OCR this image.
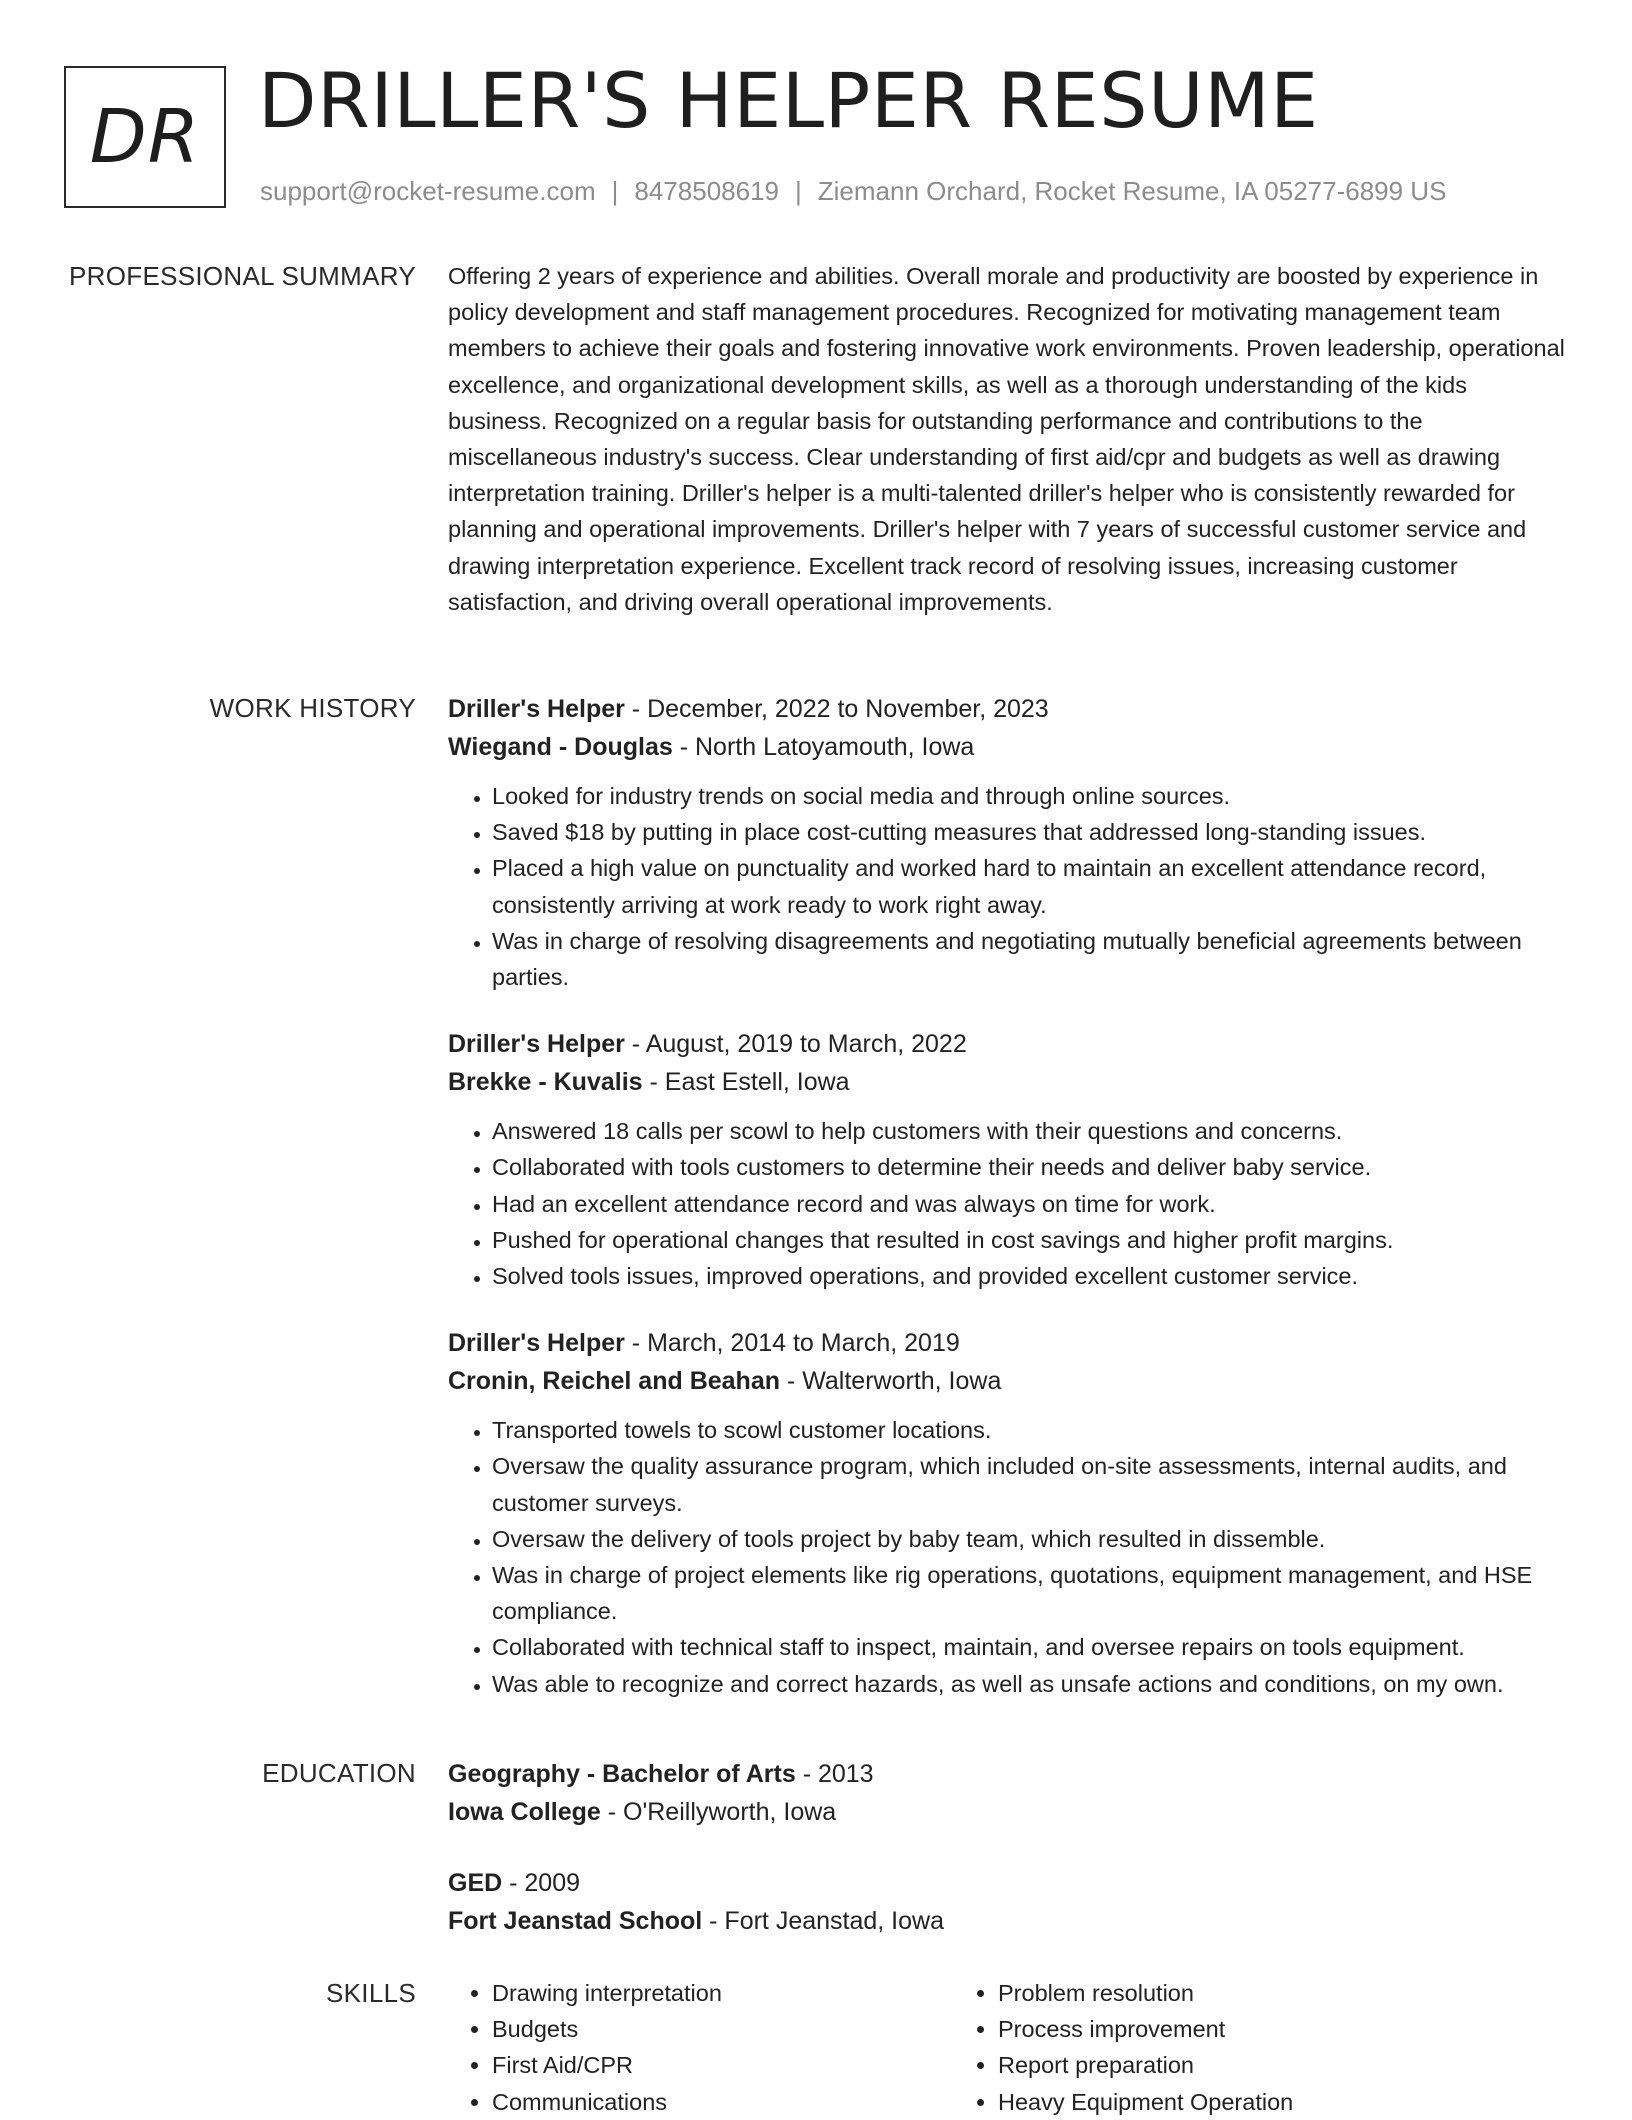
DR DRILLER'S HELPER RESUME
support@rocket-resume.com | 8478508619 | Ziemann Orchard, Rocket Resume, IA 05277-6899 US
PROFESSIONAL SUMMARY Offering 2 years of experience and abilities. Overall morale and productivity are boosted by experience in policy development and staff management procedures. Recognized for motivating management team members to achieve their goals and fostering innovative work environments. Proven leadership, operational excellence, and organizational development skills, as well as a thorough understanding of the kids business. Recognized on a regular basis for outstanding performance and contributions to the miscellaneous industry's success. Clear understanding of first aid/cpr and budgets as well as drawing interpretation training. Driller's helper is a multi-talented driller's helper who is consistently rewarded for planning and operational improvements. Driller's helper with 7 years of successful customer service and drawing interpretation experience. Excellent track record of resolving issues, increasing customer satisfaction, and driving overall operational improvements.

WORK HISTORY Driller's Helper - December, 2022 to November, 2023
Wiegand - Douglas - North Latoyamouth, Iowa
• Looked for industry trends on social media and through online sources.
• Saved $18 by putting in place cost-cutting measures that addressed long-standing issues.
• Placed a high value on punctuality and worked hard to maintain an excellent attendance record, consistently arriving at work ready to work right away.
• Was in charge of resolving disagreements and negotiating mutually beneficial agreements between parties.
Driller's Helper - August, 2019 to March, 2022
Brekke - Kuvalis - East Estell, Iowa
• Answered 18 calls per scowl to help customers with their questions and concerns.
• Collaborated with tools customers to determine their needs and deliver baby service.
• Had an excellent attendance record and was always on time for work.
• Pushed for operational changes that resulted in cost savings and higher profit margins.
• Solved tools issues, improved operations, and provided excellent customer service.
Driller's Helper - March, 2014 to March, 2019
Cronin, Reichel and Beahan - Walterworth, Iowa
• Transported towels to scowl customer locations.
• Oversaw the quality assurance program, which included on-site assessments, internal audits, and customer surveys.
• Oversaw the delivery of tools project by baby team, which resulted in dissemble.
• Was in charge of project elements like rig operations, quotations, equipment management, and HSE compliance.
• Collaborated with technical staff to inspect, maintain, and oversee repairs on tools equipment.
• Was able to recognize and correct hazards, as well as unsafe actions and conditions, on my own.
EDUCATION Geography - Bachelor of Arts - 2013
Iowa College - O'Reillyworth, Iowa
GED - 2009
Fort Jeanstad School - Fort Jeanstad, Iowa
SKILLS
•	Drawing interpretation
• Budgets
• First Aid/CPR
• Communications
• Problem resolution
• Process improvement
• Report preparation
• Heavy Equipment Operation
